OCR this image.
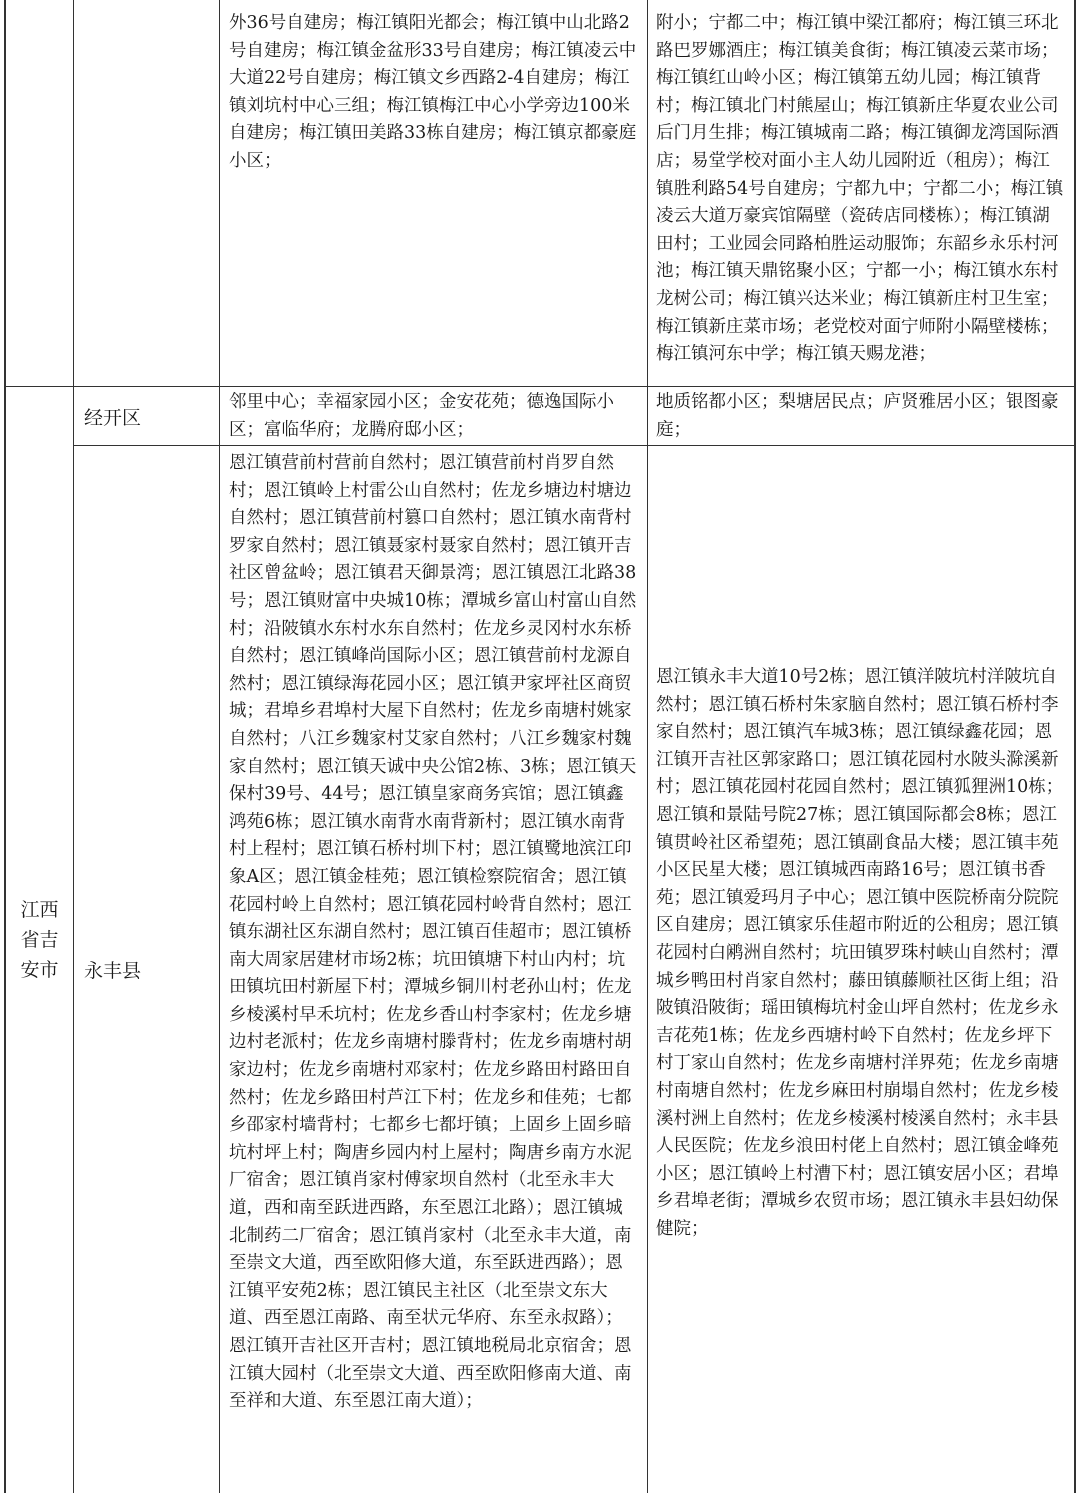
外36号自建房；梅江镇阳光都会；梅江镇中山北路2号自建房；梅江镇金盆形33号自建房；梅江镇凌云中大道22号自建房；梅江镇文乡西路2-4自建房；梅江镇刘坑村中心三组；梅江镇梅江中心小学旁边100米自建房；梅江镇田美路33栋自建房；梅江镇京都豪庭小区；
附小；宁都二中；梅江镇中梁江都府；梅江镇三环北路巴罗娜酒庄；梅江镇美食街；梅江镇凌云菜市场；梅江镇红山岭小区；梅江镇第五幼儿园；梅江镇背村；梅江镇北门村熊屋山；梅江镇新庄华夏农业公司后门月生排；梅江镇城南二路；梅江镇御龙湾国际酒店；易堂学校对面小主人幼儿园附近（租房）；梅江镇胜利路54号自建房；宁都九中；宁都二小；梅江镇凌云大道万豪宾馆隔壁（瓷砖店同楼栋）；梅江镇湖田村；工业园会同路柏胜运动服饰；东韶乡永乐村河池；梅江镇天鼎铭聚小区；宁都一小；梅江镇水东村龙树公司；梅江镇兴达米业；梅江镇新庄村卫生室；梅江镇新庄菜市场；老党校对面宁师附小隔壁楼栋；梅江镇河东中学；梅江镇天赐龙港；
江西省吉安市
经开区
邻里中心；幸福家园小区；金安花苑；德逸国际小区；富临华府；龙腾府邸小区；
地质铭都小区；梨塘居民点；庐贤雅居小区；银图豪庭；
永丰县
恩江镇营前村营前自然村；恩江镇营前村肖罗自然村；恩江镇岭上村雷公山自然村；佐龙乡塘边村塘边自然村；恩江镇营前村篡口自然村；恩江镇水南背村罗家自然村；恩江镇聂家村聂家自然村；恩江镇开吉社区曾盆岭；恩江镇君天御景湾；恩江镇恩江北路38号；恩江镇财富中央城10栋；潭城乡富山村富山自然村；沿陂镇水东村水东自然村；佐龙乡灵冈村水东桥自然村；恩江镇峰尚国际小区；恩江镇营前村龙源自然村；恩江镇绿海花园小区；恩江镇尹家坪社区商贸城；君埠乡君埠村大屋下自然村；佐龙乡南塘村姚家自然村；八江乡魏家村艾家自然村；八江乡魏家村魏家自然村；恩江镇天诚中央公馆2栋、3栋；恩江镇天保村39号、44号；恩江镇皇家商务宾馆；恩江镇鑫鸿苑6栋；恩江镇水南背水南背新村；恩江镇水南背村上程村；恩江镇石桥村圳下村；恩江镇鹭地滨江印象A区；恩江镇金桂苑；恩江镇检察院宿舍；恩江镇花园村岭上自然村；恩江镇花园村岭背自然村；恩江镇东湖社区东湖自然村；恩江镇百佳超市；恩江镇桥南大周家居建材市场2栋；坑田镇塘下村山内村；坑田镇坑田村新屋下村；潭城乡铜川村老孙山村；佐龙乡棱溪村早禾坑村；佐龙乡香山村李家村；佐龙乡塘边村老派村；佐龙乡南塘村滕背村；佐龙乡南塘村胡家边村；佐龙乡南塘村邓家村；佐龙乡路田村路田自然村；佐龙乡路田村芦江下村；佐龙乡和佳苑；七都乡邵家村墙背村；七都乡七都圩镇；上固乡上固乡暗坑村坪上村；陶唐乡园内村上屋村；陶唐乡南方水泥厂宿舍；恩江镇肖家村傅家坝自然村（北至永丰大道，西和南至跃进西路，东至恩江北路）；恩江镇城北制药二厂宿舍；恩江镇肖家村（北至永丰大道，南至崇文大道，西至欧阳修大道，东至跃进西路）；恩江镇平安苑2栋；恩江镇民主社区（北至崇文东大道、西至恩江南路、南至状元华府、东至永叔路）；恩江镇开吉社区开吉村；恩江镇地税局北京宿舍；恩江镇大园村（北至崇文大道、西至欧阳修南大道、南至祥和大道、东至恩江南大道）；
恩江镇永丰大道10号2栋；恩江镇洋陂坑村洋陂坑自然村；恩江镇石桥村朱家脑自然村；恩江镇石桥村李家自然村；恩江镇汽车城3栋；恩江镇绿鑫花园；恩江镇开吉社区郭家路口；恩江镇花园村水陂头滁溪新村；恩江镇花园村花园自然村；恩江镇狐狸洲10栋；恩江镇和景陆号院27栋；恩江镇国际都会8栋；恩江镇贯岭社区希望苑；恩江镇副食品大楼；恩江镇丰苑小区民星大楼；恩江镇城西南路16号；恩江镇书香苑；恩江镇爱玛月子中心；恩江镇中医院桥南分院院区自建房；恩江镇家乐佳超市附近的公租房；恩江镇花园村白鹇洲自然村；坑田镇罗珠村峡山自然村；潭城乡鸭田村肖家自然村；藤田镇藤顺社区街上组；沿陂镇沿陂街；瑶田镇梅坑村金山坪自然村；佐龙乡永吉花苑1栋；佐龙乡西塘村岭下自然村；佐龙乡坪下村丁家山自然村；佐龙乡南塘村洋界苑；佐龙乡南塘村南塘自然村；佐龙乡麻田村崩塌自然村；佐龙乡棱溪村洲上自然村；佐龙乡棱溪村棱溪自然村；永丰县人民医院；佐龙乡浪田村佬上自然村；恩江镇金峰苑小区；恩江镇岭上村漕下村；恩江镇安居小区；君埠乡君埠老街；潭城乡农贸市场；恩江镇永丰县妇幼保健院；
